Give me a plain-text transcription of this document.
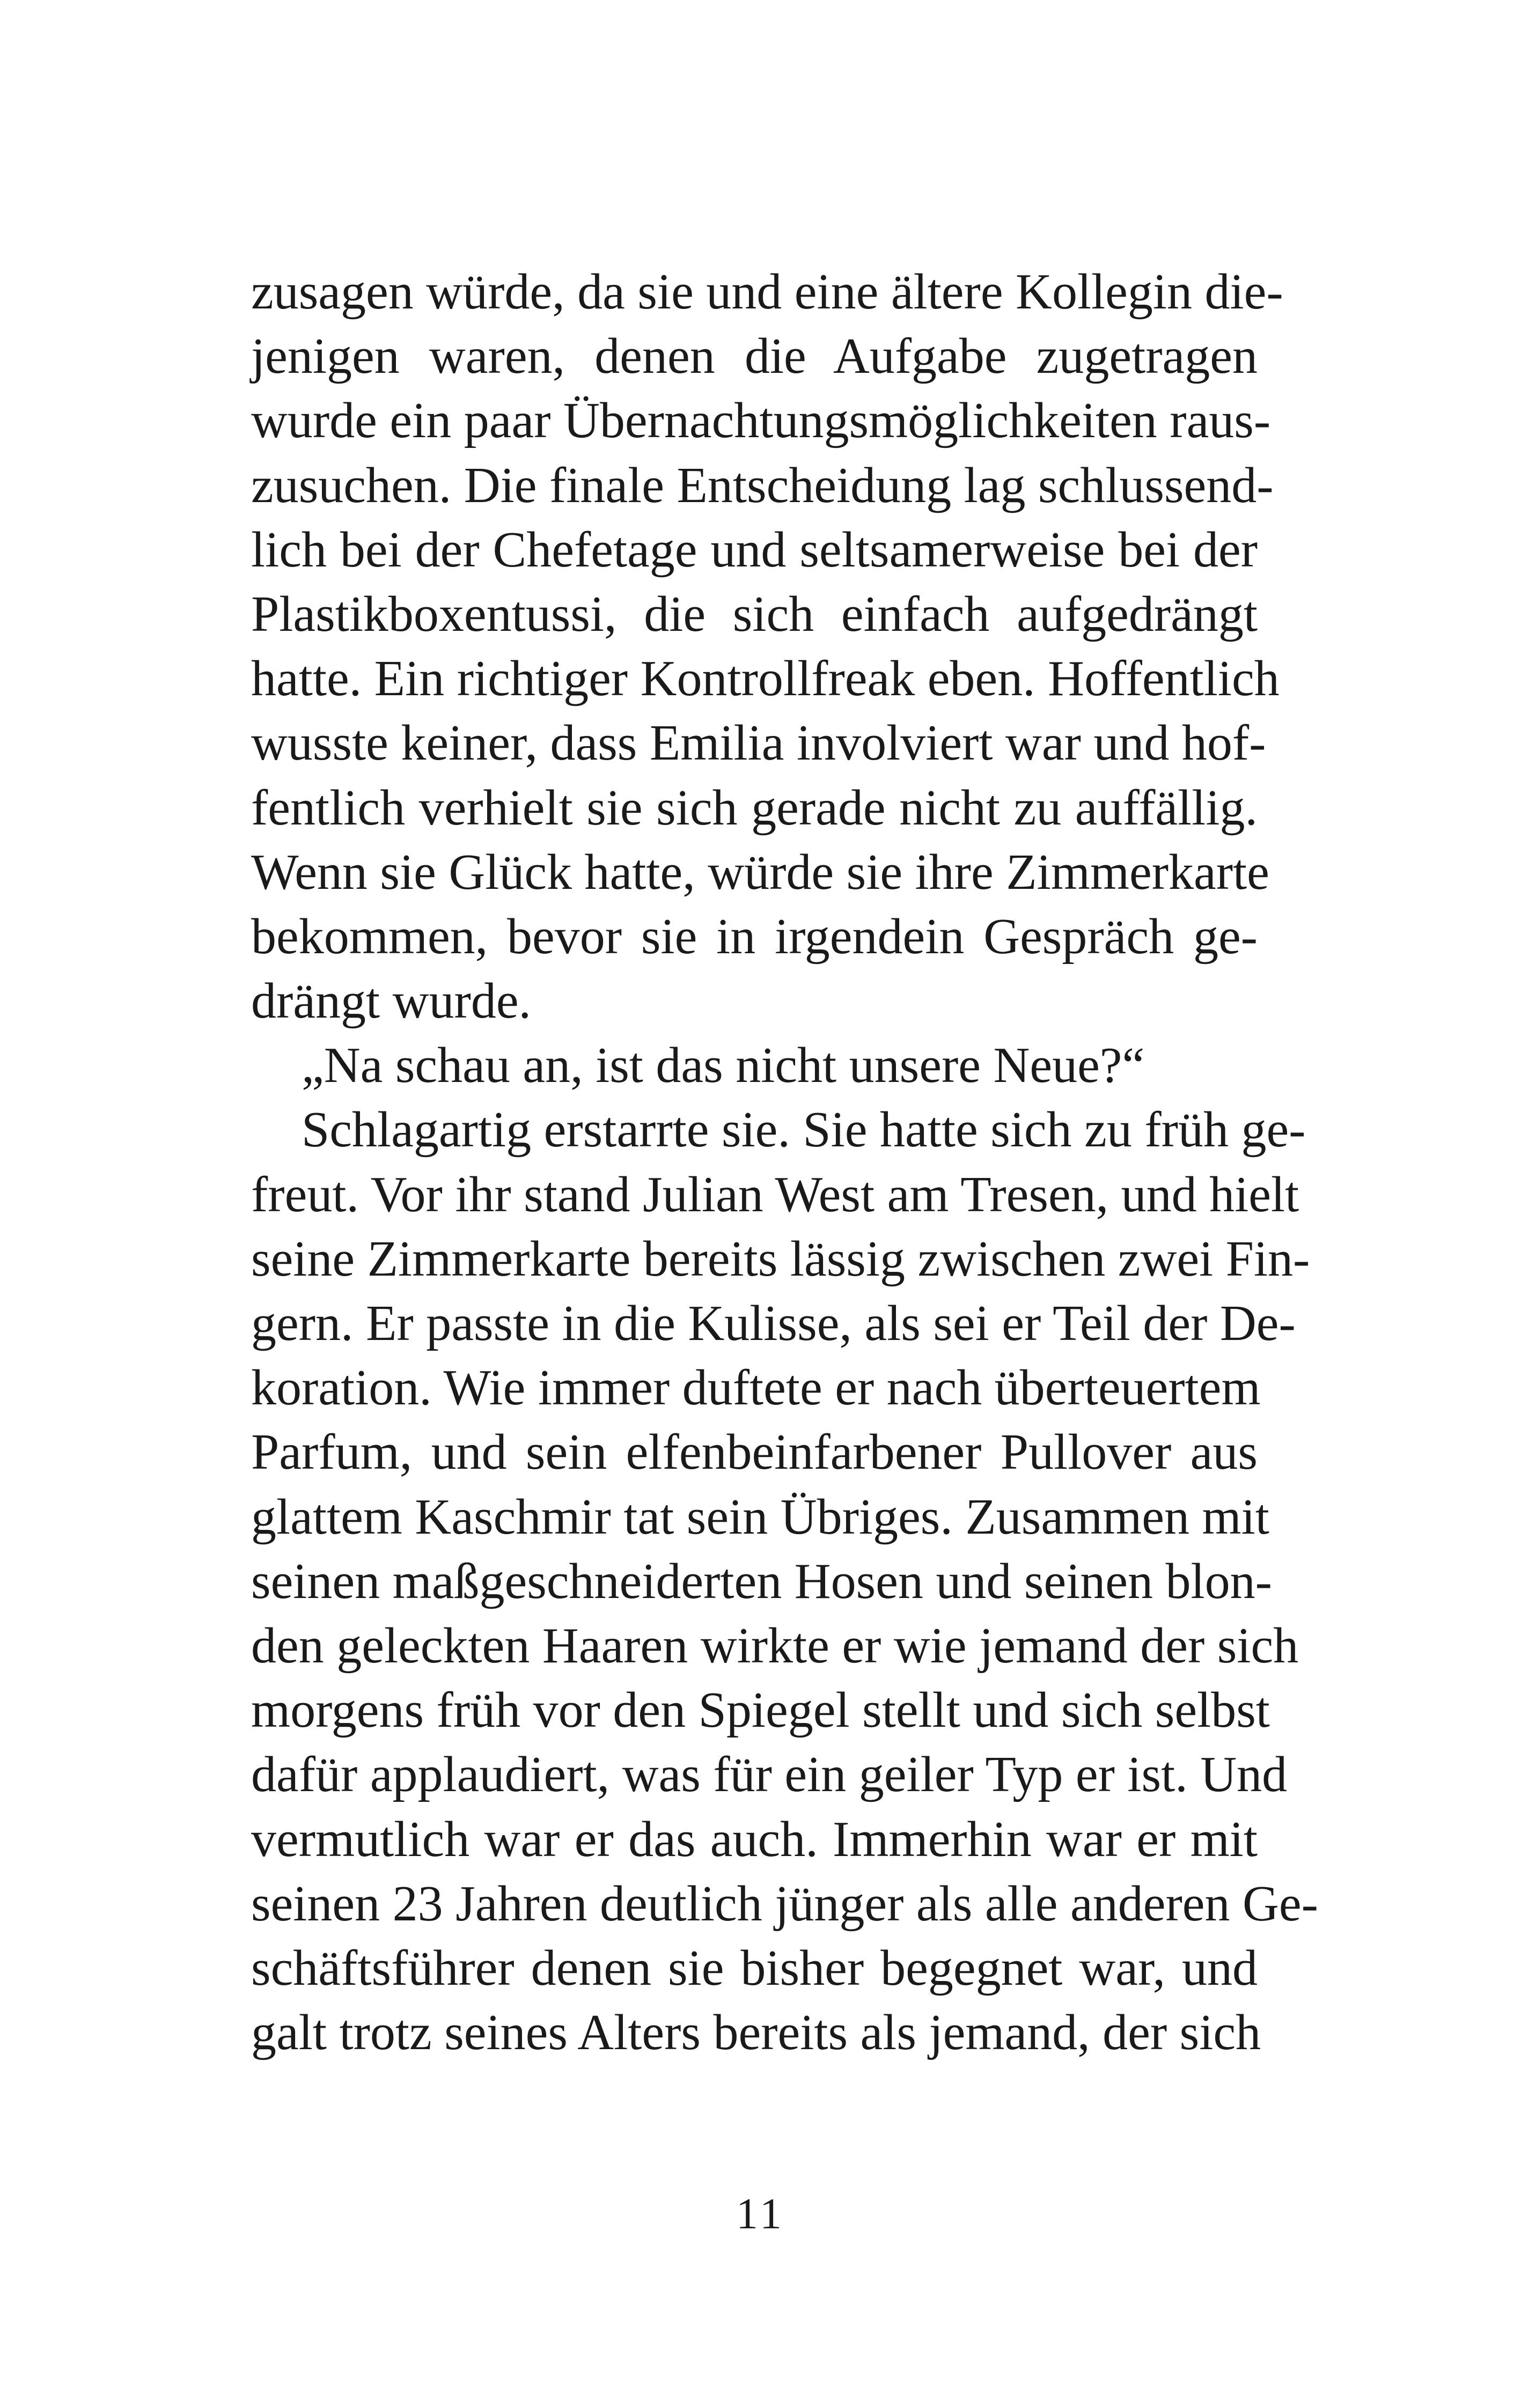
zusagen würde, da sie und eine ältere Kollegin die-
jenigen waren, denen die Aufgabe zugetragen
wurde ein paar Übernachtungsmöglichkeiten raus-
zusuchen. Die finale Entscheidung lag schlussend-
lich bei der Chefetage und seltsamerweise bei der
Plastikboxentussi, die sich einfach aufgedrängt
hatte. Ein richtiger Kontrollfreak eben. Hoffentlich
wusste keiner, dass Emilia involviert war und hof-
fentlich verhielt sie sich gerade nicht zu auffällig.
Wenn sie Glück hatte, würde sie ihre Zimmerkarte
bekommen, bevor sie in irgendein Gespräch ge-
drängt wurde.
„Na schau an, ist das nicht unsere Neue?“
Schlagartig erstarrte sie. Sie hatte sich zu früh ge-
freut. Vor ihr stand Julian West am Tresen, und hielt
seine Zimmerkarte bereits lässig zwischen zwei Fin-
gern. Er passte in die Kulisse, als sei er Teil der De-
koration. Wie immer duftete er nach überteuertem
Parfum, und sein elfenbeinfarbener Pullover aus
glattem Kaschmir tat sein Übriges. Zusammen mit
seinen maßgeschneiderten Hosen und seinen blon-
den geleckten Haaren wirkte er wie jemand der sich
morgens früh vor den Spiegel stellt und sich selbst
dafür applaudiert, was für ein geiler Typ er ist. Und
vermutlich war er das auch. Immerhin war er mit
seinen 23 Jahren deutlich jünger als alle anderen Ge-
schäftsführer denen sie bisher begegnet war, und
galt trotz seines Alters bereits als jemand, der sich
11
